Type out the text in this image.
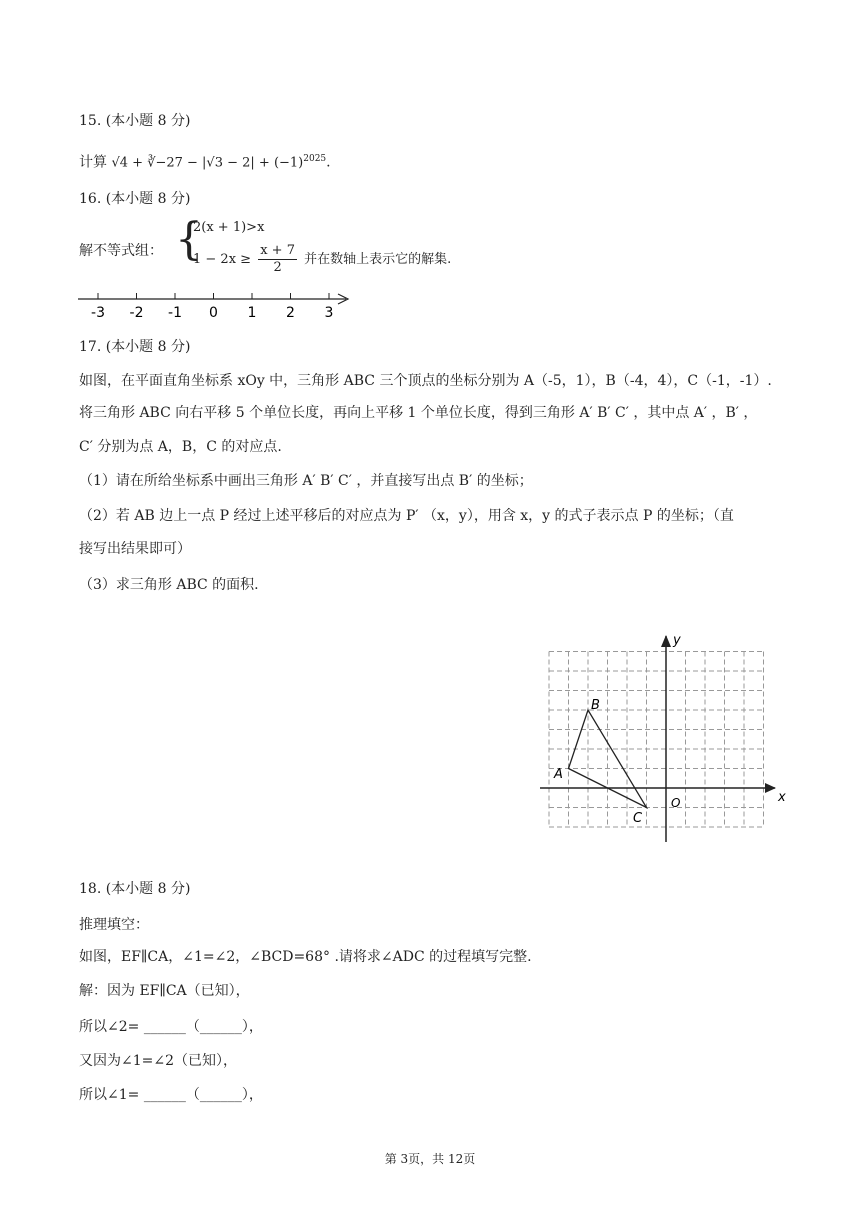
15. (本小题 8 分)
计算 √4 + ∛−27 − $|√3 - 2| + (-1)^{2025}$.
16. (本小题 8 分)
解不等式组： {
2(x + 1)>x
$1 - 2x \ge \frac{x + 7}{2}$ 并在数轴上表示它的解集.
-3 -2 -1 0 1 2 3
17. (本小题 8 分)
如图，在平面直角坐标系 xOy 中，三角形 ABC 三个顶点的坐标分别为 A（-5，1），B（-4，4），C（-1，-1）.
将三角形 ABC 向右平移 5 个单位长度，再向上平移 1 个单位长度，得到三角形 A′ B′ C′ ，其中点 A′ ，B′ ，
C′ 分别为点 A，B，C 的对应点.
（1）请在所给坐标系中画出三角形 A′ B′ C′ ，并直接写出点 B′ 的坐标；
（2）若 AB 边上一点 P 经过上述平移后的对应点为 P′ （x，y），用含 x，y 的式子表示点 P 的坐标；（直
接写出结果即可）
（3）求三角形 ABC 的面积.
y
x
O
A
B
C
18. (本小题 8 分)
推理填空：
如图，EF∥CA，∠1=∠2，∠BCD=68° .请将求∠ADC 的过程填写完整.
解：因为 EF∥CA（已知），
所以∠2= ______（______），
又因为∠1=∠2（已知），
所以∠1= ______（______），
第 3页，共 12页
